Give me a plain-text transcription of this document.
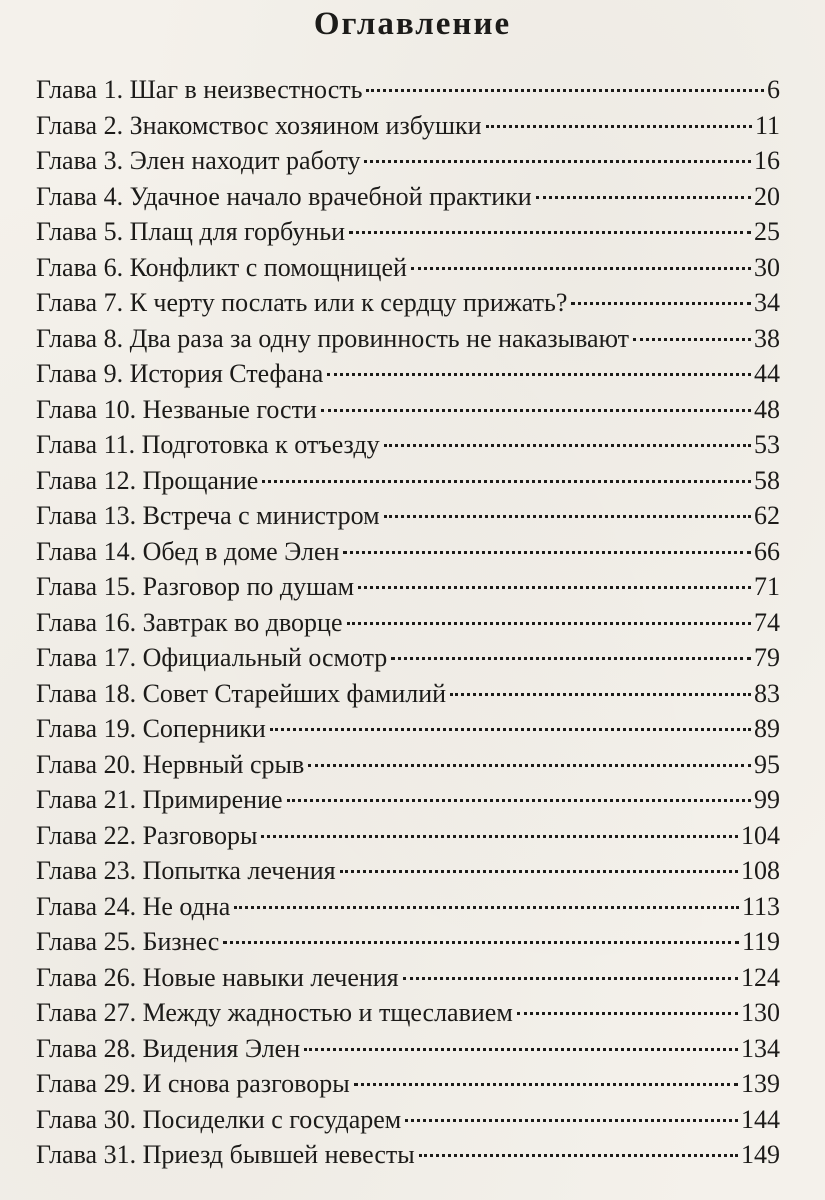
Оглавление
Глава 1. Шаг в неизвестность	6
Глава 2. Знакомствос хозяином избушки	11
Глава 3. Элен находит работу	16
Глава 4. Удачное начало врачебной практики	20
Глава 5. Плащ для горбуньи	25
Глава 6. Конфликт с помощницей	30
Глава 7. К черту послать или к сердцу прижать?	34
Глава 8. Два раза за одну провинность не наказывают	38
Глава 9. История Стефана	44
Глава 10. Незваные гости	48
Глава 11. Подготовка к отъезду	53
Глава 12. Прощание	58
Глава 13. Встреча с министром	62
Глава 14. Обед в доме Элен	66
Глава 15. Разговор по душам	71
Глава 16. Завтрак во дворце	74
Глава 17. Официальный осмотр	79
Глава 18. Совет Старейших фамилий	83
Глава 19. Соперники	89
Глава 20. Нервный срыв	95
Глава 21. Примирение	99
Глава 22. Разговоры	104
Глава 23. Попытка лечения	108
Глава 24. Не одна	113
Глава 25. Бизнес	119
Глава 26. Новые навыки лечения	124
Глава 27. Между жадностью и тщеславием	130
Глава 28. Видения Элен	134
Глава 29. И снова разговоры	139
Глава 30. Посиделки с государем	144
Глава 31. Приезд бывшей невесты	149
